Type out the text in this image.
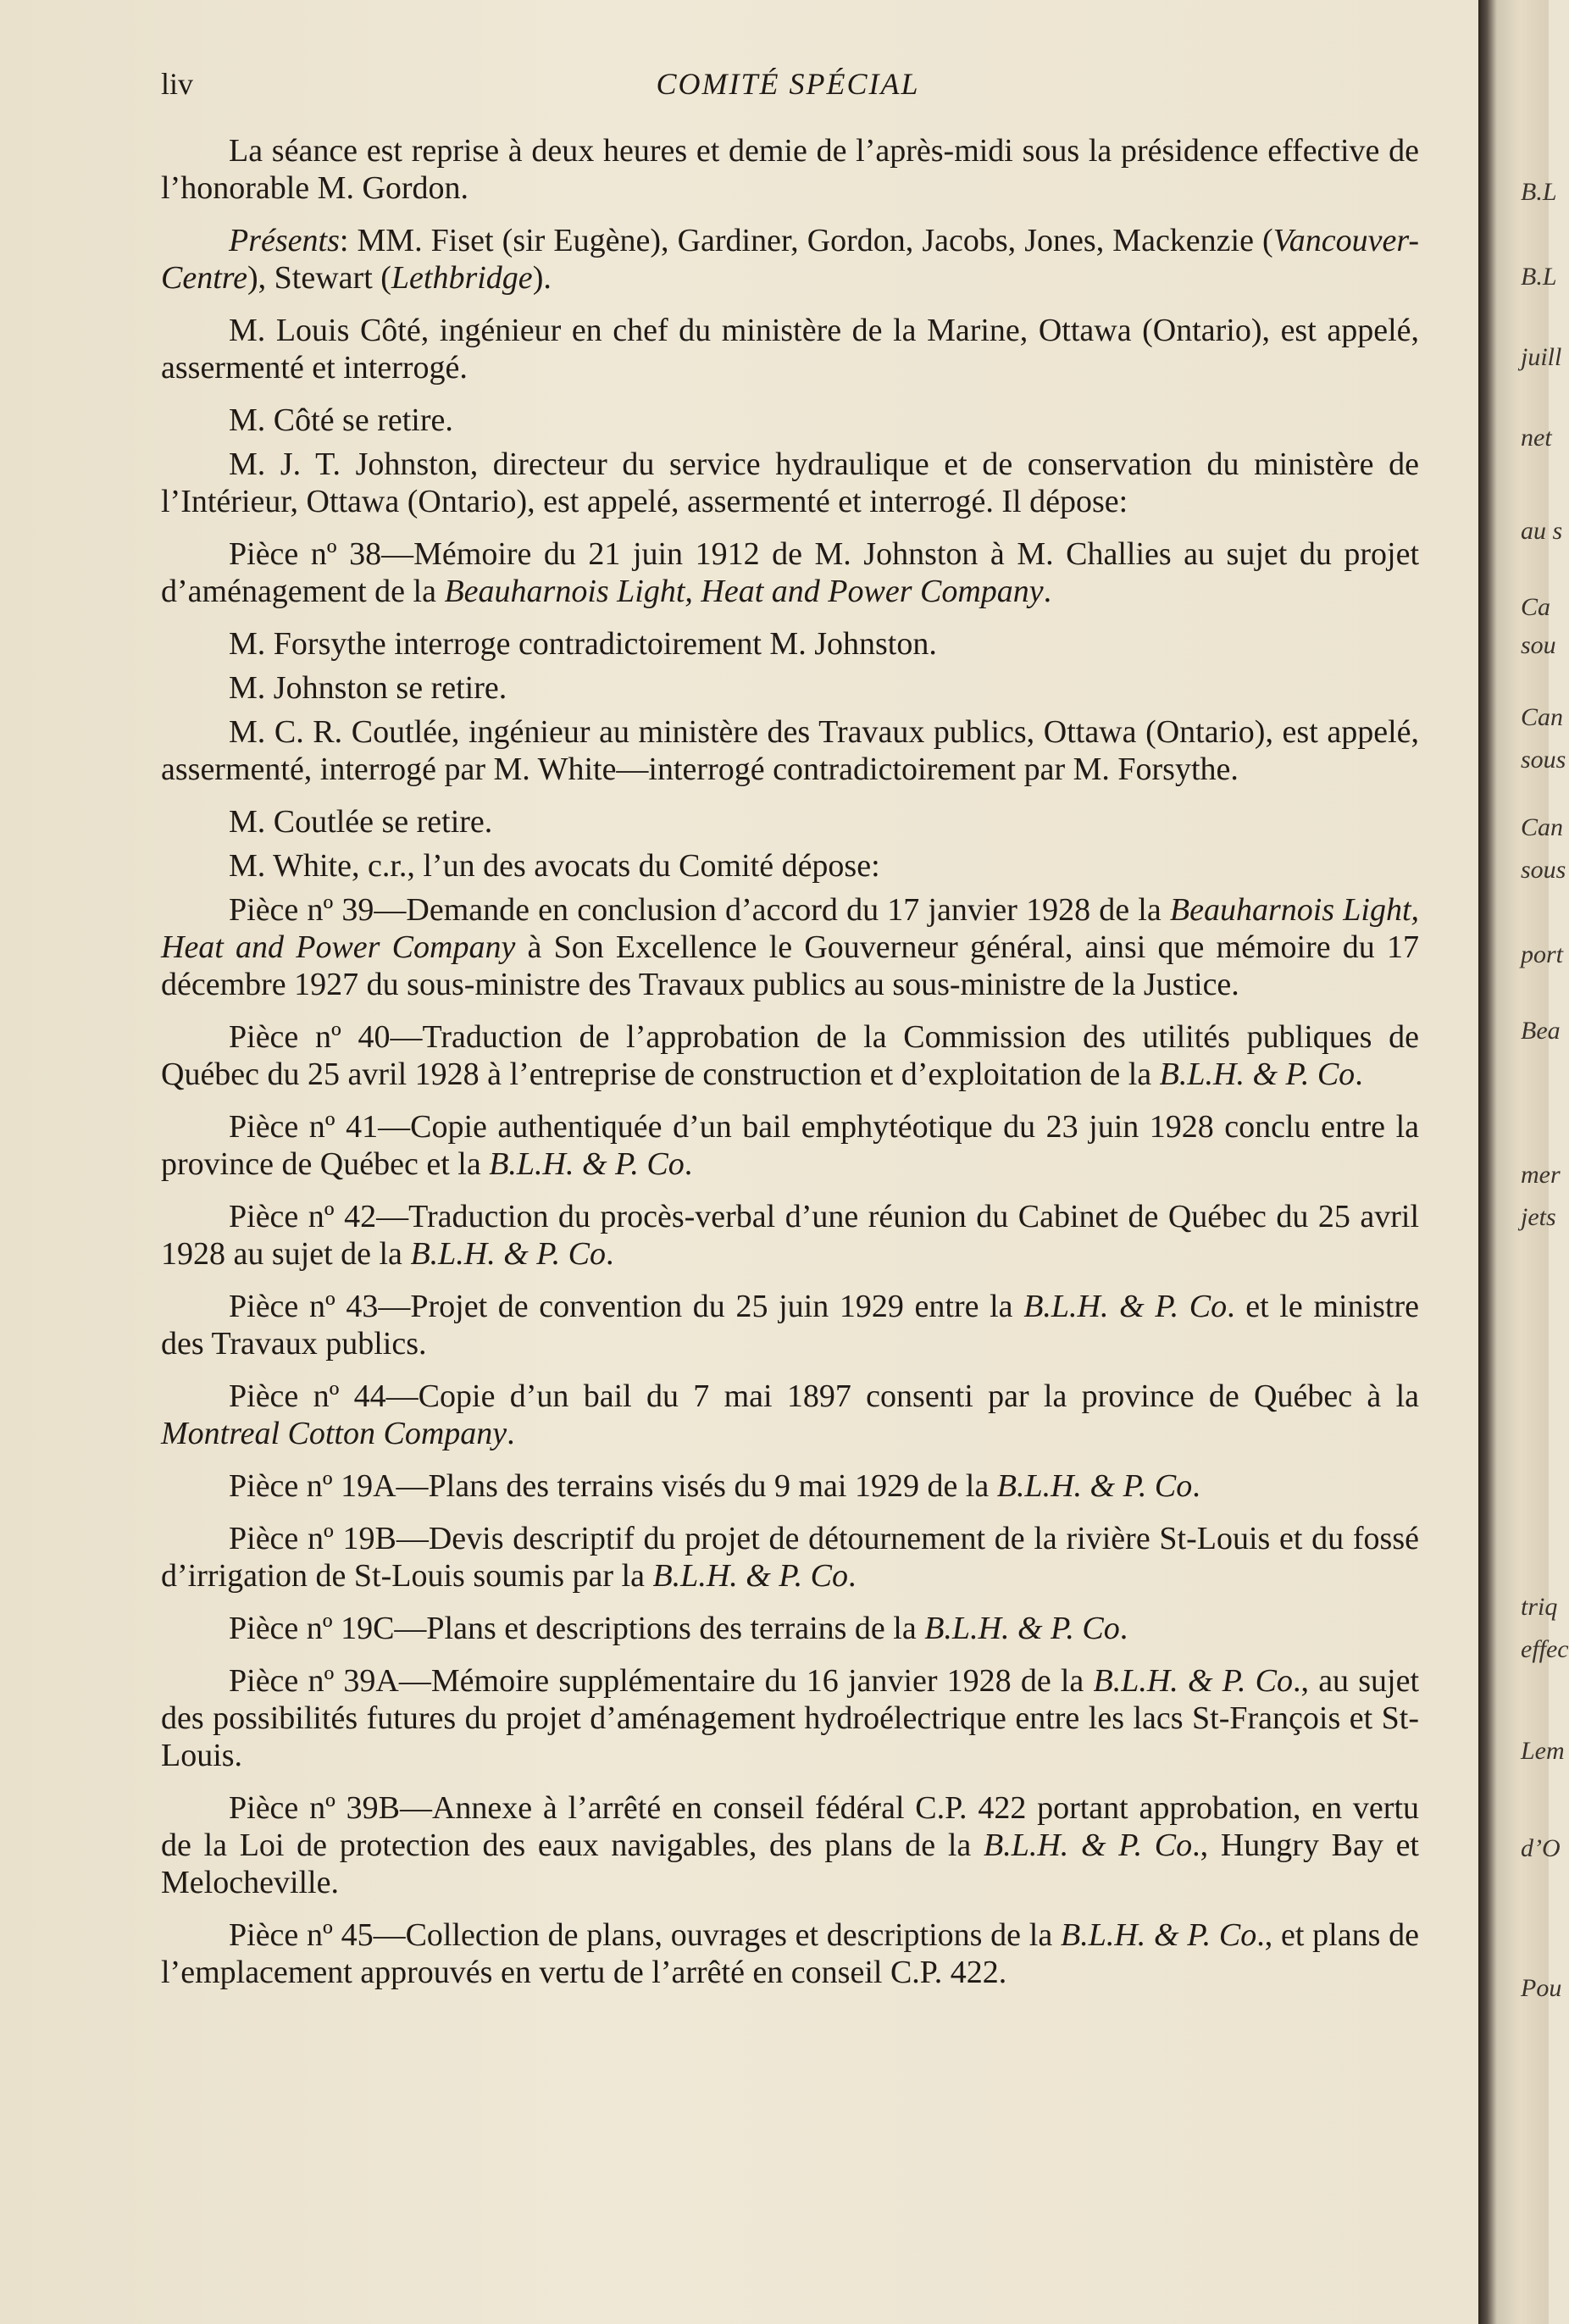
liv	COMITÉ SPÉCIAL

La séance est reprise à deux heures et demie de l’après-midi sous la présidence effective de l’honorable M. Gordon.

Présents: MM. Fiset (sir Eugène), Gardiner, Gordon, Jacobs, Jones, Mackenzie (Vancouver-Centre), Stewart (Lethbridge).

M. Louis Côté, ingénieur en chef du ministère de la Marine, Ottawa (Ontario), est appelé, assermenté et interrogé.

M. Côté se retire.

M. J. T. Johnston, directeur du service hydraulique et de conservation du ministère de l’Intérieur, Ottawa (Ontario), est appelé, assermenté et interrogé. Il dépose:

Pièce nº 38—Mémoire du 21 juin 1912 de M. Johnston à M. Challies au sujet du projet d’aménagement de la Beauharnois Light, Heat and Power Company.

M. Forsythe interroge contradictoirement M. Johnston.

M. Johnston se retire.

M. C. R. Coutlée, ingénieur au ministère des Travaux publics, Ottawa (Ontario), est appelé, assermenté, interrogé par M. White—interrogé contradictoirement par M. Forsythe.

M. Coutlée se retire.

M. White, c.r., l’un des avocats du Comité dépose:

Pièce nº 39—Demande en conclusion d’accord du 17 janvier 1928 de la Beauharnois Light, Heat and Power Company à Son Excellence le Gouverneur général, ainsi que mémoire du 17 décembre 1927 du sous-ministre des Travaux publics au sous-ministre de la Justice.

Pièce nº 40—Traduction de l’approbation de la Commission des utilités publiques de Québec du 25 avril 1928 à l’entreprise de construction et d’exploitation de la B.L.H. & P. Co.

Pièce nº 41—Copie authentiquée d’un bail emphytéotique du 23 juin 1928 conclu entre la province de Québec et la B.L.H. & P. Co.

Pièce nº 42—Traduction du procès-verbal d’une réunion du Cabinet de Québec du 25 avril 1928 au sujet de la B.L.H. & P. Co.

Pièce nº 43—Projet de convention du 25 juin 1929 entre la B.L.H. & P. Co. et le ministre des Travaux publics.

Pièce nº 44—Copie d’un bail du 7 mai 1897 consenti par la province de Québec à la Montreal Cotton Company.

Pièce nº 19A—Plans des terrains visés du 9 mai 1929 de la B.L.H. & P. Co.

Pièce nº 19B—Devis descriptif du projet de détournement de la rivière St-Louis et du fossé d’irrigation de St-Louis soumis par la B.L.H. & P. Co.

Pièce nº 19C—Plans et descriptions des terrains de la B.L.H. & P. Co.

Pièce nº 39A—Mémoire supplémentaire du 16 janvier 1928 de la B.L.H. & P. Co., au sujet des possibilités futures du projet d’aménagement hydroélectrique entre les lacs St-François et St-Louis.

Pièce nº 39B—Annexe à l’arrêté en conseil fédéral C.P. 422 portant approbation, en vertu de la Loi de protection des eaux navigables, des plans de la B.L.H. & P. Co., Hungry Bay et Melocheville.

Pièce nº 45—Collection de plans, ouvrages et descriptions de la B.L.H. & P. Co., et plans de l’emplacement approuvés en vertu de l’arrêté en conseil C.P. 422.

B.L
B.L
juill
net
au s
Ca
sou
Can
sous
Can
sous
port
Bea
mer
jets
triq
effec
Lem
d’O
Pou
